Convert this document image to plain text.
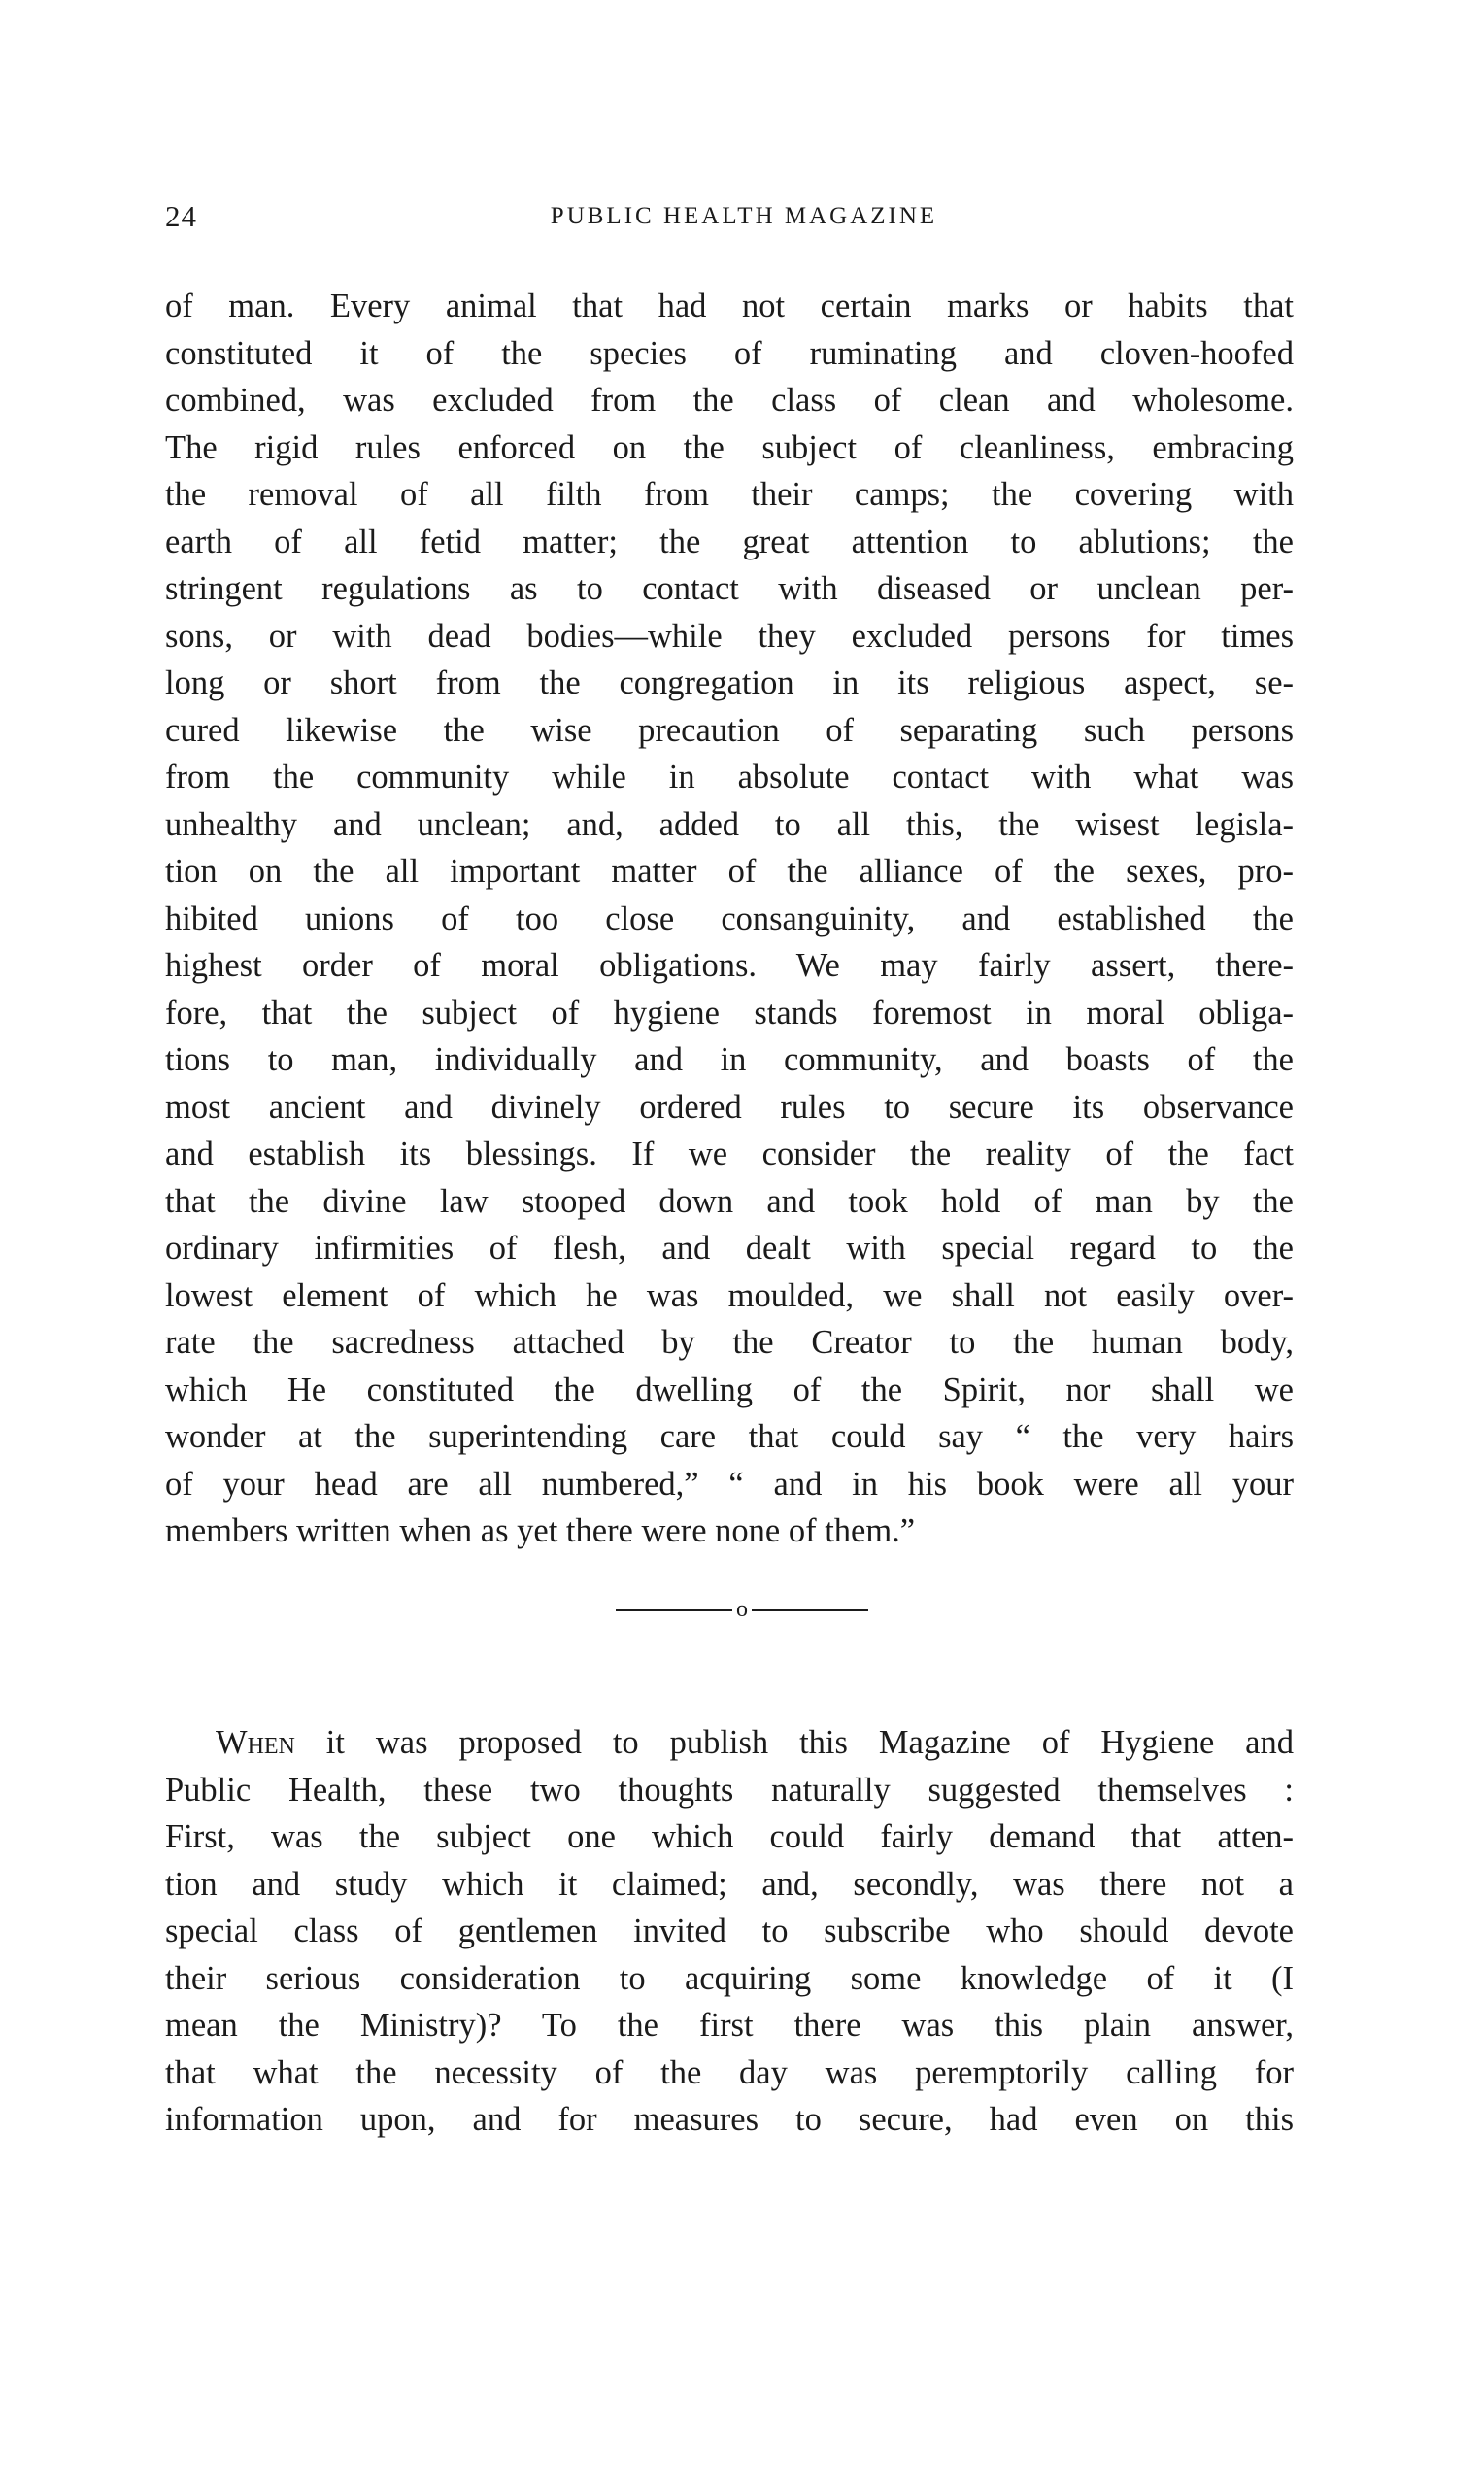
24	PUBLIC HEALTH MAGAZINE
of man. Every animal that had not certain marks or habits that
constituted it of the species of ruminating and cloven-hoofed
combined, was excluded from the class of clean and wholesome.
The rigid rules enforced on the subject of cleanliness, embracing
the removal of all filth from their camps; the covering with
earth of all fetid matter; the great attention to ablutions; the
stringent regulations as to contact with diseased or unclean per-
sons, or with dead bodies—while they excluded persons for times
long or short from the congregation in its religious aspect, se-
cured likewise the wise precaution of separating such persons
from the community while in absolute contact with what was
unhealthy and unclean; and, added to all this, the wisest legisla-
tion on the all important matter of the alliance of the sexes, pro-
hibited unions of too close consanguinity, and established the
highest order of moral obligations. We may fairly assert, there-
fore, that the subject of hygiene stands foremost in moral obliga-
tions to man, individually and in community, and boasts of the
most ancient and divinely ordered rules to secure its observance
and establish its blessings. If we consider the reality of the fact
that the divine law stooped down and took hold of man by the
ordinary infirmities of flesh, and dealt with special regard to the
lowest element of which he was moulded, we shall not easily over-
rate the sacredness attached by the Creator to the human body,
which He constituted the dwelling of the Spirit, nor shall we
wonder at the superintending care that could say “ the very hairs
of your head are all numbered,” “ and in his book were all your
members written when as yet there were none of them.”
o
When it was proposed to publish this Magazine of Hygiene and
Public Health, these two thoughts naturally suggested themselves :
First, was the subject one which could fairly demand that atten-
tion and study which it claimed; and, secondly, was there not a
special class of gentlemen invited to subscribe who should devote
their serious consideration to acquiring some knowledge of it (I
mean the Ministry)? To the first there was this plain answer,
that what the necessity of the day was peremptorily calling for
information upon, and for measures to secure, had even on this
